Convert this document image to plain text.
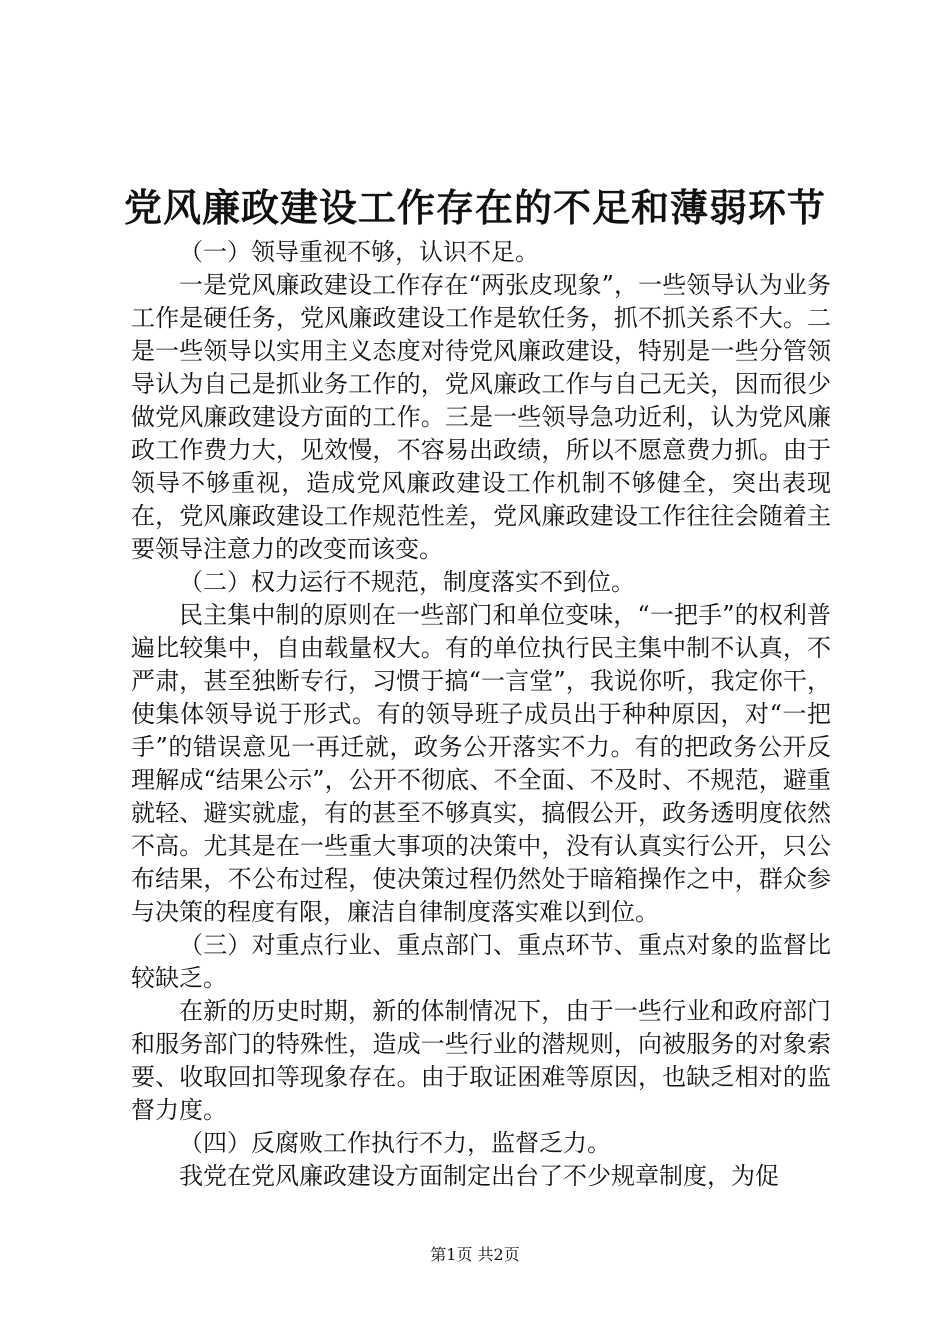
党风廉政建设工作存在的不足和薄弱环节

（一）领导重视不够，认识不足。

一是党风廉政建设工作存在“两张皮现象”，一些领导认为业务工作是硬任务，党风廉政建设工作是软任务，抓不抓关系不大。二是一些领导以实用主义态度对待党风廉政建设，特别是一些分管领导认为自己是抓业务工作的，党风廉政工作与自己无关，因而很少做党风廉政建设方面的工作。三是一些领导急功近利，认为党风廉政工作费力大，见效慢，不容易出政绩，所以不愿意费力抓。由于领导不够重视，造成党风廉政建设工作机制不够健全，突出表现在，党风廉政建设工作规范性差，党风廉政建设工作往往会随着主要领导注意力的改变而该变。

（二）权力运行不规范，制度落实不到位。

民主集中制的原则在一些部门和单位变味，“一把手”的权利普遍比较集中，自由载量权大。有的单位执行民主集中制不认真，不严肃，甚至独断专行，习惯于搞“一言堂”，我说你听，我定你干，使集体领导说于形式。有的领导班子成员出于种种原因，对“一把手”的错误意见一再迁就，政务公开落实不力。有的把政务公开反理解成“结果公示”，公开不彻底、不全面、不及时、不规范，避重就轻、避实就虚，有的甚至不够真实，搞假公开，政务透明度依然不高。尤其是在一些重大事项的决策中，没有认真实行公开，只公布结果，不公布过程，使决策过程仍然处于暗箱操作之中，群众参与决策的程度有限，廉洁自律制度落实难以到位。

（三）对重点行业、重点部门、重点环节、重点对象的监督比较缺乏。

在新的历史时期，新的体制情况下，由于一些行业和政府部门和服务部门的特殊性，造成一些行业的潜规则，向被服务的对象索要、收取回扣等现象存在。由于取证困难等原因，也缺乏相对的监督力度。

（四）反腐败工作执行不力，监督乏力。

我党在党风廉政建设方面制定出台了不少规章制度，为促

第1页 共2页
